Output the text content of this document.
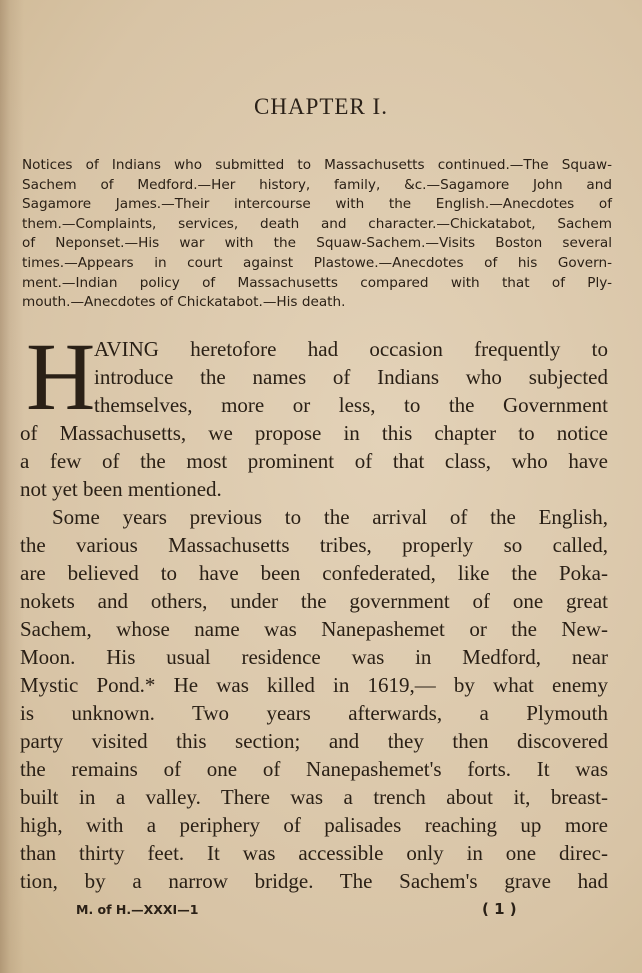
CHAPTER I.
Notices of Indians who submitted to Massachusetts continued.—The Squaw-
Sachem of Medford.—Her history, family, &c.—Sagamore John and
Sagamore James.—Their intercourse with the English.—Anecdotes of
them.—Complaints, services, death and character.—Chickatabot, Sachem
of Neponset.—His war with the Squaw-Sachem.—Visits Boston several
times.—Appears in court against Plastowe.—Anecdotes of his Govern-
ment.—Indian policy of Massachusetts compared with that of Ply-
mouth.—Anecdotes of Chickatabot.—His death.
H
AVING heretofore had occasion frequently to
introduce the names of Indians who subjected
themselves, more or less, to the Government
of Massachusetts, we propose in this chapter to notice
a few of the most prominent of that class, who have
not yet been mentioned.
Some years previous to the arrival of the English,
the various Massachusetts tribes, properly so called,
are believed to have been confederated, like the Poka-
nokets and others, under the government of one great
Sachem, whose name was Nanepashemet or the New-
Moon. His usual residence was in Medford, near
Mystic Pond.* He was killed in 1619,— by what enemy
is unknown. Two years afterwards, a Plymouth
party visited this section; and they then discovered
the remains of one of Nanepashemet's forts. It was
built in a valley. There was a trench about it, breast-
high, with a periphery of palisades reaching up more
than thirty feet. It was accessible only in one direc-
tion, by a narrow bridge. The Sachem's grave had
M. of H.—XXXI—1	( 1 )
